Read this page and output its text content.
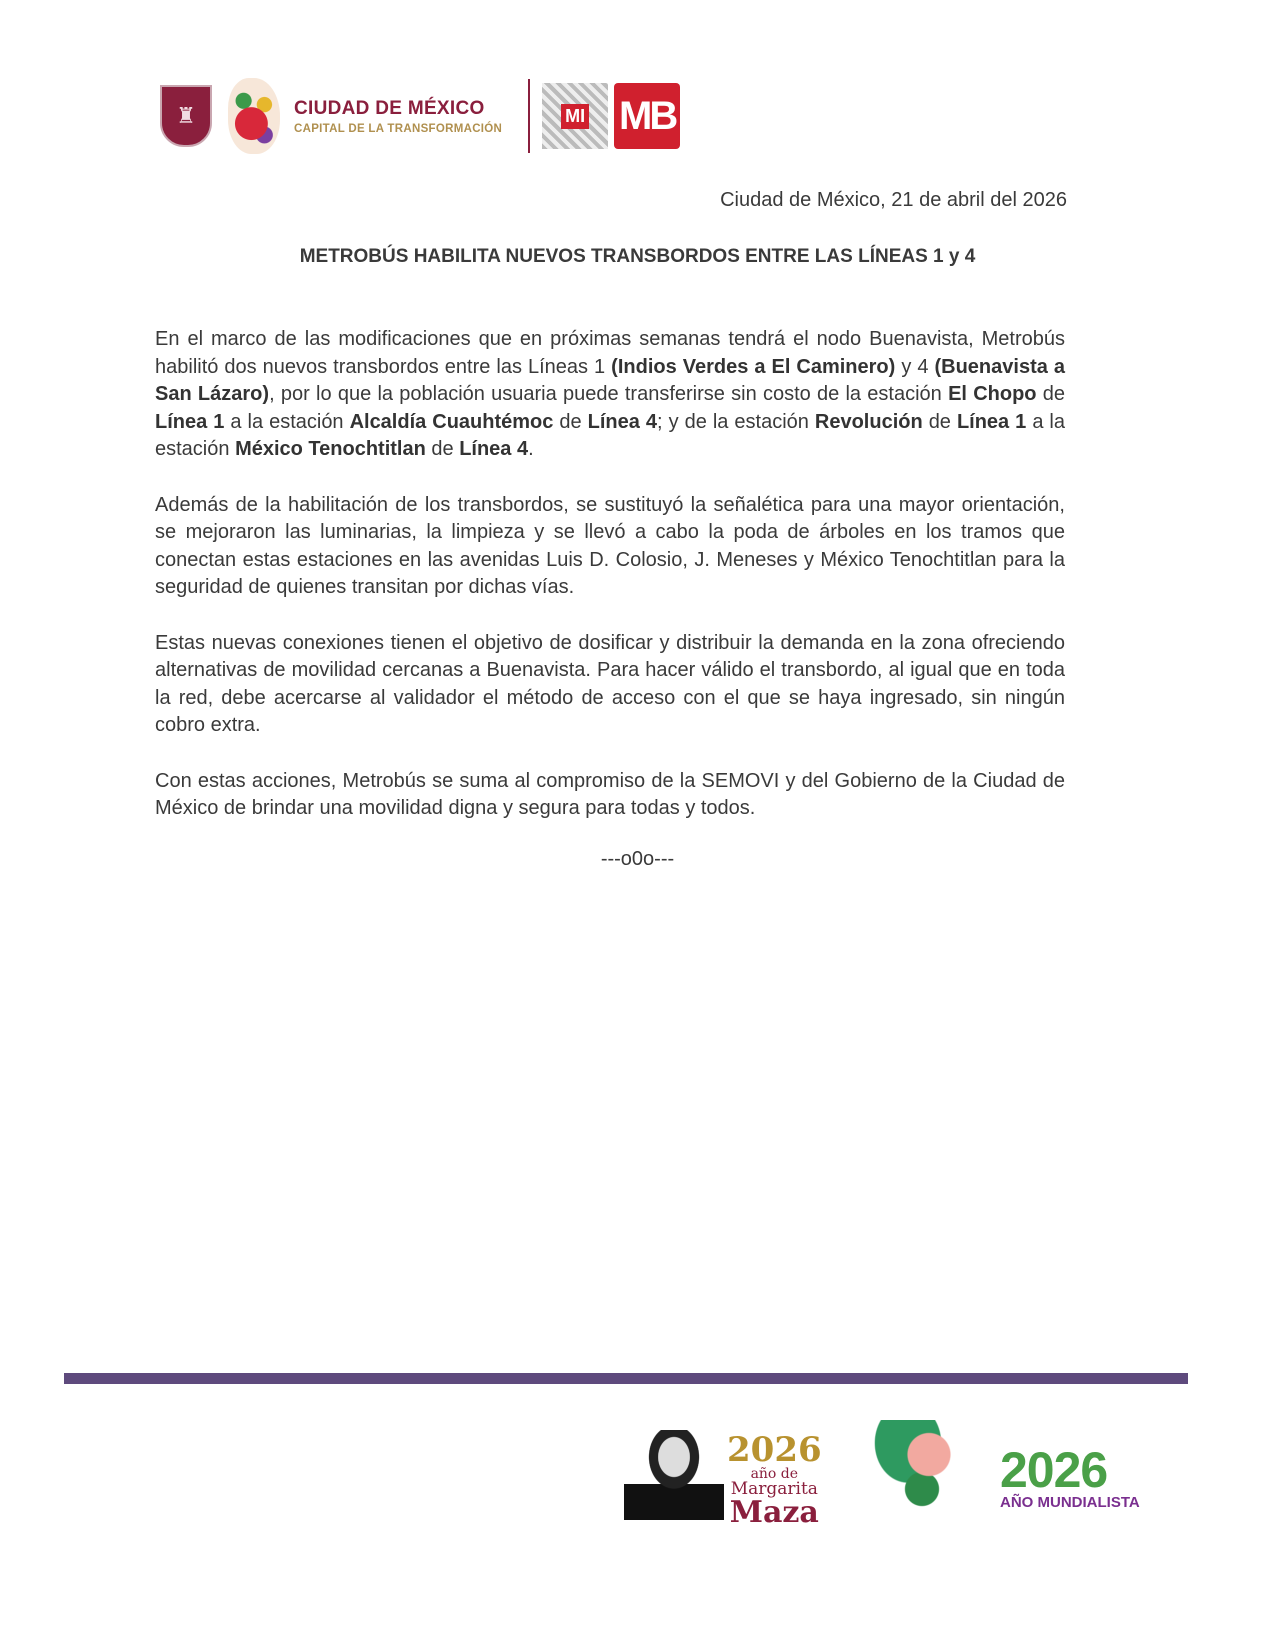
♜	CIUDAD DE MÉXICO
CAPITAL DE LA TRANSFORMACIÓN
MI MB
Ciudad de México, 21 de abril del 2026
METROBÚS HABILITA NUEVOS TRANSBORDOS ENTRE LAS LÍNEAS 1 y 4

En el marco de las modificaciones que en próximas semanas tendrá el nodo Buenavista, Metrobús habilitó dos nuevos transbordos entre las Líneas 1 (Indios Verdes a El Caminero) y 4 (Buenavista a San Lázaro), por lo que la población usuaria puede transferirse sin costo de la estación El Chopo de Línea 1 a la estación Alcaldía Cuauhtémoc de Línea 4; y de la estación Revolución de Línea 1 a la estación México Tenochtitlan de Línea 4.

Además de la habilitación de los transbordos, se sustituyó la señalética para una mayor orientación, se mejoraron las luminarias, la limpieza y se llevó a cabo la poda de árboles en los tramos que conectan estas estaciones en las avenidas Luis D. Colosio, J. Meneses y México Tenochtitlan para la seguridad de quienes transitan por dichas vías.

Estas nuevas conexiones tienen el objetivo de dosificar y distribuir la demanda en la zona ofreciendo alternativas de movilidad cercanas a Buenavista. Para hacer válido el transbordo, al igual que en toda la red, debe acercarse al validador el método de acceso con el que se haya ingresado, sin ningún cobro extra.

Con estas acciones, Metrobús se suma al compromiso de la SEMOVI y del Gobierno de la Ciudad de México de brindar una movilidad digna y segura para todas y todos.

---o0o---
2026
año de
Margarita
Maza
2026
AÑO MUNDIALISTA
